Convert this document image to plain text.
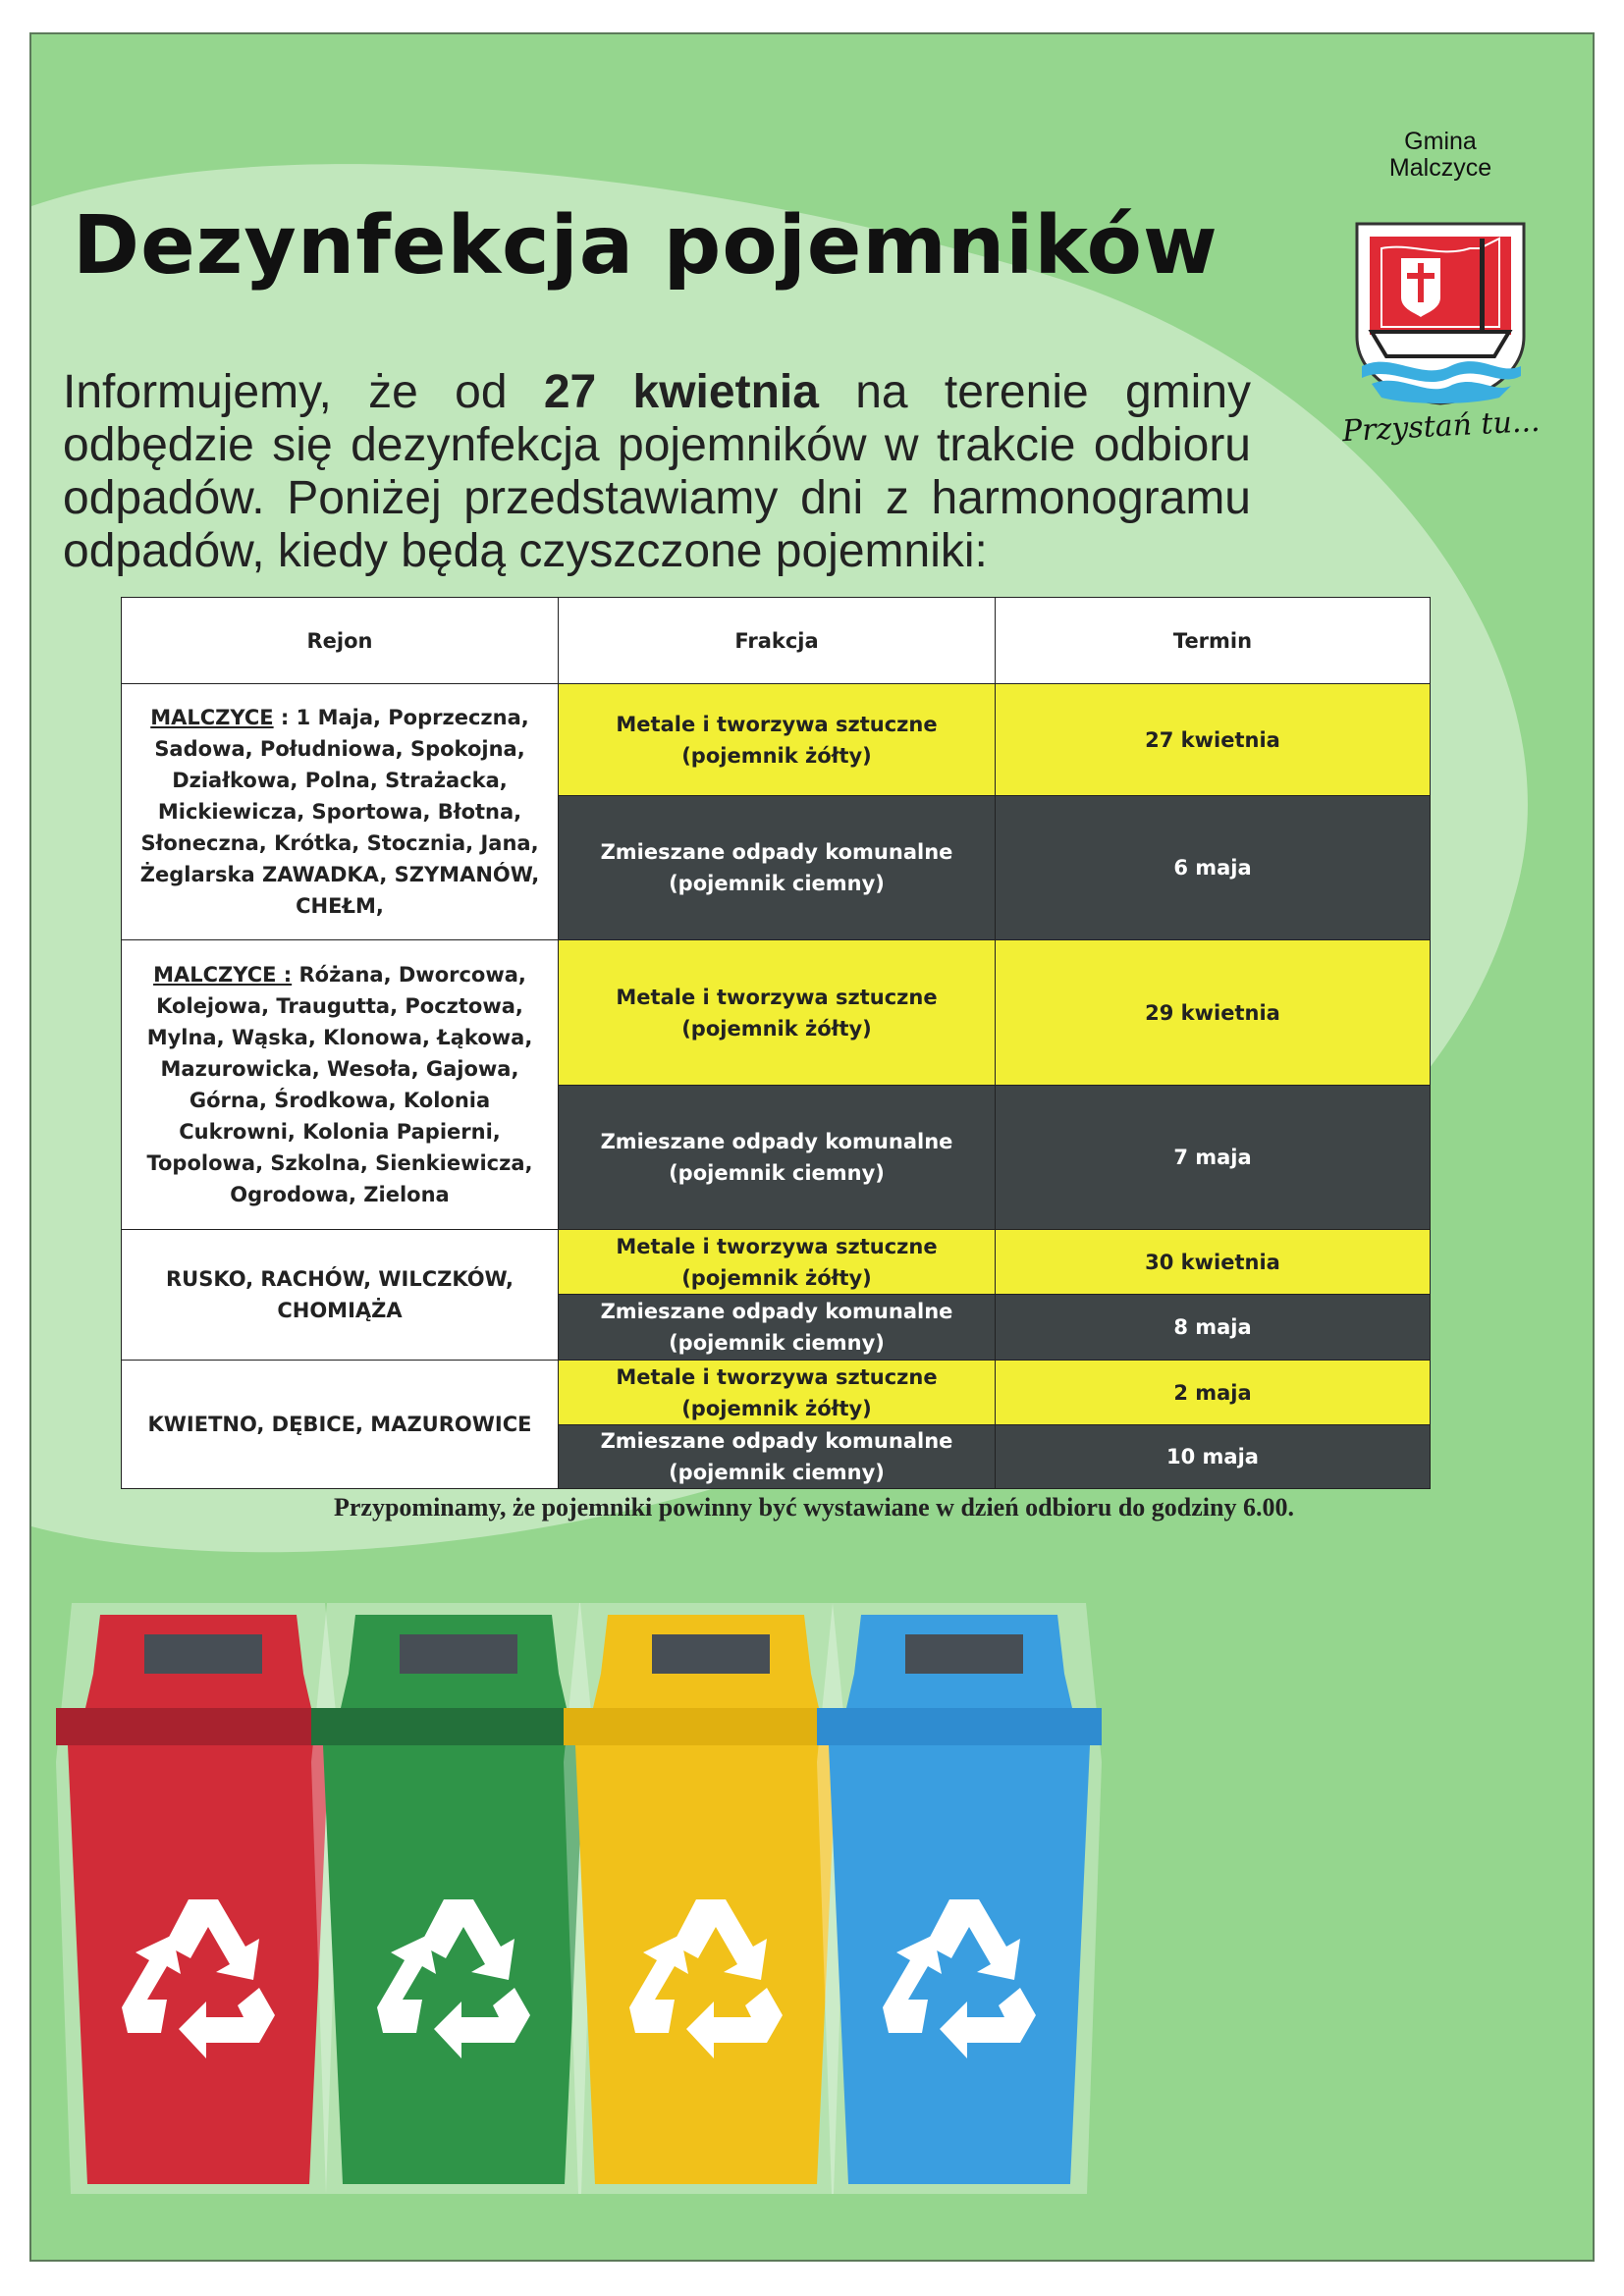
Dezynfekcja pojemników

Informujemy, że od 27 kwietnia na terenie gminy odbędzie się dezynfekcja pojemników w trakcie odbioru odpadów. Poniżej przedstawiamy dni z harmonogramu odpadów, kiedy będą czyszczone pojemniki:

Gmina
Malczyce
Przystań tu...
Rejon	Frakcja	Termin
MALCZYCE : 1 Maja, Poprzeczna, Sadowa, Południowa, Spokojna, Działkowa, Polna, Strażacka, Mickiewicza, Sportowa, Błotna, Słoneczna, Krótka, Stocznia, Jana, Żeglarska ZAWADKA, SZYMANÓW, CHEŁM,	Metale i tworzywa sztuczne (pojemnik żółty)	27 kwietnia
	Zmieszane odpady komunalne (pojemnik ciemny)	6 maja
MALCZYCE : Różana, Dworcowa, Kolejowa, Traugutta, Pocztowa, Mylna, Wąska, Klonowa, Łąkowa, Mazurowicka, Wesoła, Gajowa, Górna, Środkowa, Kolonia Cukrowni, Kolonia Papierni, Topolowa, Szkolna, Sienkiewicza, Ogrodowa, Zielona	Metale i tworzywa sztuczne (pojemnik żółty)	29 kwietnia
	Zmieszane odpady komunalne (pojemnik ciemny)	7 maja
RUSKO, RACHÓW, WILCZKÓW, CHOMIĄŻA	Metale i tworzywa sztuczne (pojemnik żółty)	30 kwietnia
	Zmieszane odpady komunalne (pojemnik ciemny)	8 maja
KWIETNO, DĘBICE, MAZUROWICE	Metale i tworzywa sztuczne (pojemnik żółty)	2 maja
	Zmieszane odpady komunalne (pojemnik ciemny)	10 maja

Przypominamy, że pojemniki powinny być wystawiane w dzień odbioru do godziny 6.00.
